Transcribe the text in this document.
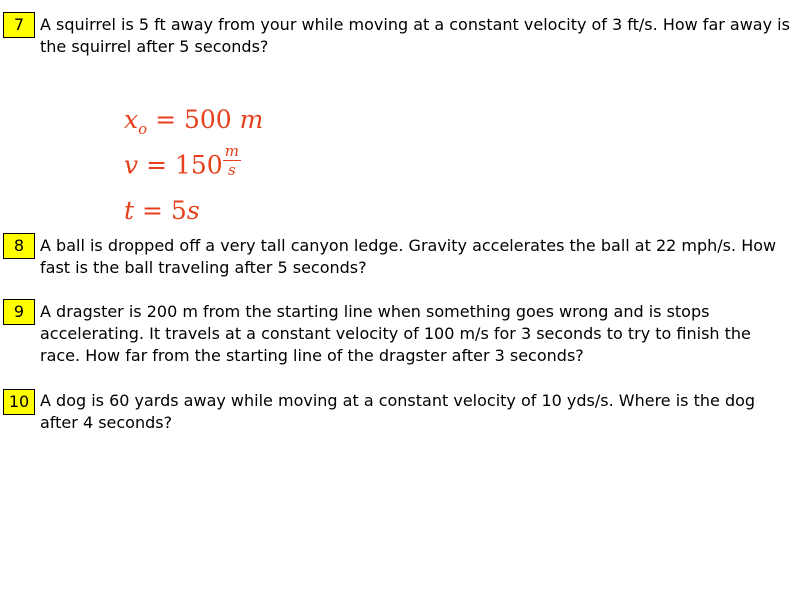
7 A squirrel is 5 ft away from your while moving at a constant velocity of 3 ft/s. How far away is the squirrel after 5 seconds?
$x_o = 500$ m
$v = 150 \frac{m}{s}$
t = 5s
8 A ball is dropped off a very tall canyon ledge. Gravity accelerates the ball at 22 mph/s. How fast is the ball traveling after 5 seconds?
9 A dragster is 200 m from the starting line when something goes wrong and is stops accelerating. It travels at a constant velocity of 100 m/s for 3 seconds to try to finish the race. How far from the starting line of the dragster after 3 seconds?
10 A dog is 60 yards away while moving at a constant velocity of 10 yds/s. Where is the dog after 4 seconds?
